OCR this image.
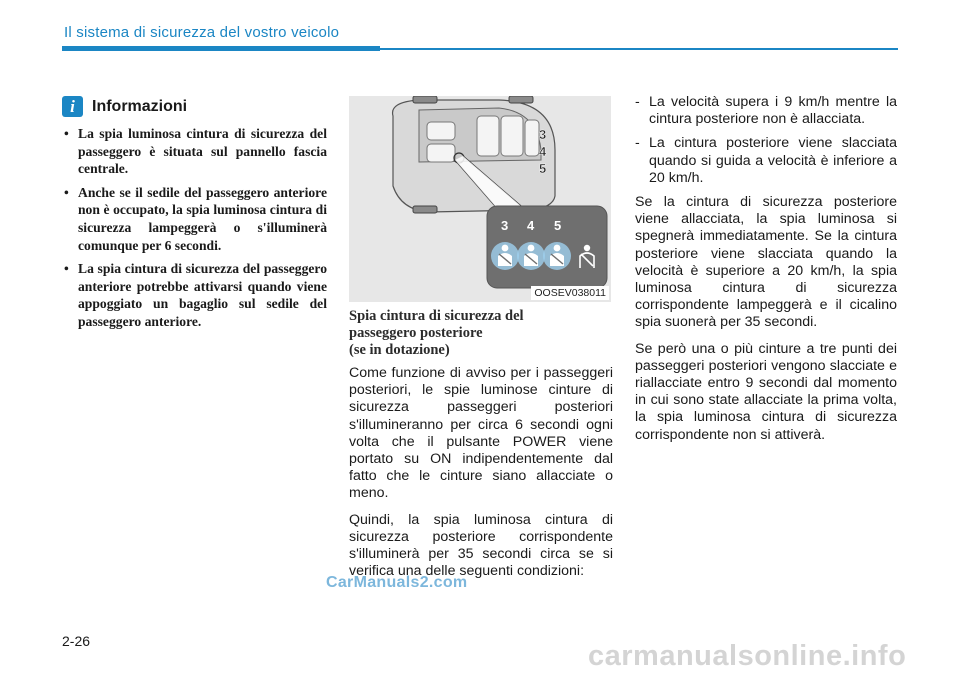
Il sistema di sicurezza del vostro veicolo
i	Informazioni
• La spia luminosa cintura di sicurezza del passeggero è situata sul pannello fascia centrale.
• Anche se il sedile del passeggero anteriore non è occupato, la spia luminosa cintura di sicurezza lampeggerà o s'illuminerà comunque per 6 secondi.
• La spia cintura di sicurezza del passeggero anteriore potrebbe attivarsi quando viene appoggiato un bagaglio sul sedile del passeggero anteriore.
3
4
5
3 4 5
OOSEV038011
Spia cintura di sicurezza del
passeggero posteriore
(se in dotazione)

Come funzione di avviso per i passeggeri posteriori, le spie luminose cinture di sicurezza passeggeri posteriori s'illumineranno per circa 6 secondi ogni volta che il pulsante POWER viene portato su ON indipendentemente dal fatto che le cinture siano allacciate o meno.

Quindi, la spia luminosa cintura di sicurezza posteriore corrispondente s'illuminerà per 35 secondi circa se si verifica una delle seguenti condizioni:

- La velocità supera i 9 km/h mentre la cintura posteriore non è allacciata.
- La cintura posteriore viene slacciata quando si guida a velocità è inferiore a 20 km/h.

Se la cintura di sicurezza posteriore viene allacciata, la spia luminosa si spegnerà immediatamente. Se la cintura posteriore viene slacciata quando la velocità è superiore a 20 km/h, la spia luminosa cintura di sicurezza corrispondente lampeggerà e il cicalino spia suonerà per 35 secondi.

Se però una o più cinture a tre punti dei passeggeri posteriori vengono slacciate e riallacciate entro 9 secondi dal momento in cui sono state allacciate la prima volta, la spia luminosa cintura di sicurezza corrispondente non si attiverà.

CarManuals2.com
2-26	carmanualsonline.info
